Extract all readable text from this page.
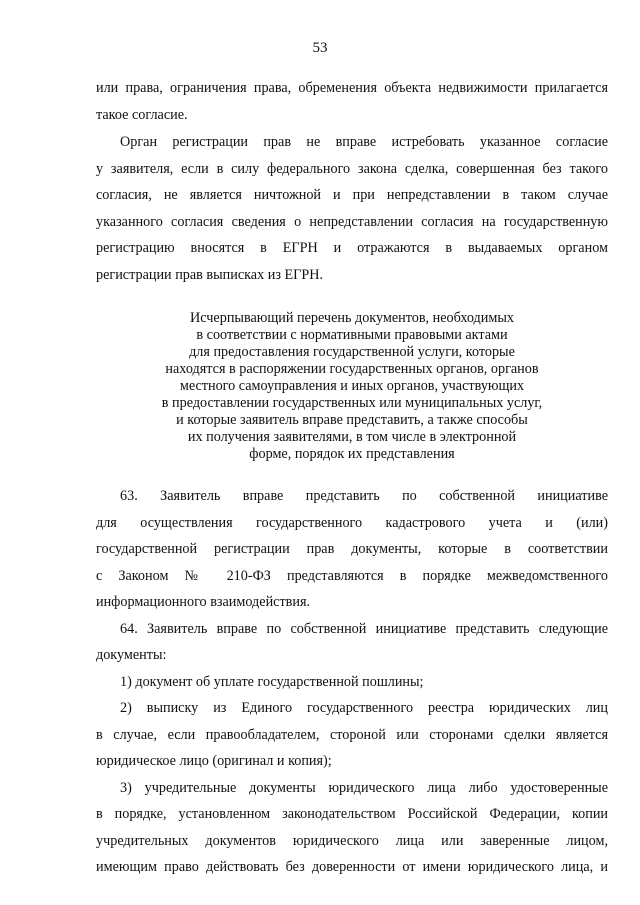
53
или права, ограничения права, обременения объекта недвижимости прилагается
такое согласие.
Орган регистрации прав не вправе истребовать указанное согласие
у заявителя, если в силу федерального закона сделка, совершенная без такого
согласия, не является ничтожной и при непредставлении в таком случае
указанного согласия сведения о непредставлении согласия на государственную
регистрацию вносятся в ЕГРН и отражаются в выдаваемых органом
регистрации прав выписках из ЕГРН.
Исчерпывающий перечень документов, необходимых
в соответствии с нормативными правовыми актами
для предоставления государственной услуги, которые
находятся в распоряжении государственных органов, органов
местного самоуправления и иных органов, участвующих
в предоставлении государственных или муниципальных услуг,
и которые заявитель вправе представить, а также способы
их получения заявителями, в том числе в электронной
форме, порядок их представления
63. Заявитель вправе представить по собственной инициативе
для осуществления государственного кадастрового учета и (или)
государственной регистрации прав документы, которые в соответствии
с Законом № 210-ФЗ представляются в порядке межведомственного
информационного взаимодействия.
64. Заявитель вправе по собственной инициативе представить следующие
документы:
1) документ об уплате государственной пошлины;
2) выписку из Единого государственного реестра юридических лиц
в случае, если правообладателем, стороной или сторонами сделки является
юридическое лицо (оригинал и копия);
3) учредительные документы юридического лица либо удостоверенные
в порядке, установленном законодательством Российской Федерации, копии
учредительных документов юридического лица или заверенные лицом,
имеющим право действовать без доверенности от имени юридического лица, и
